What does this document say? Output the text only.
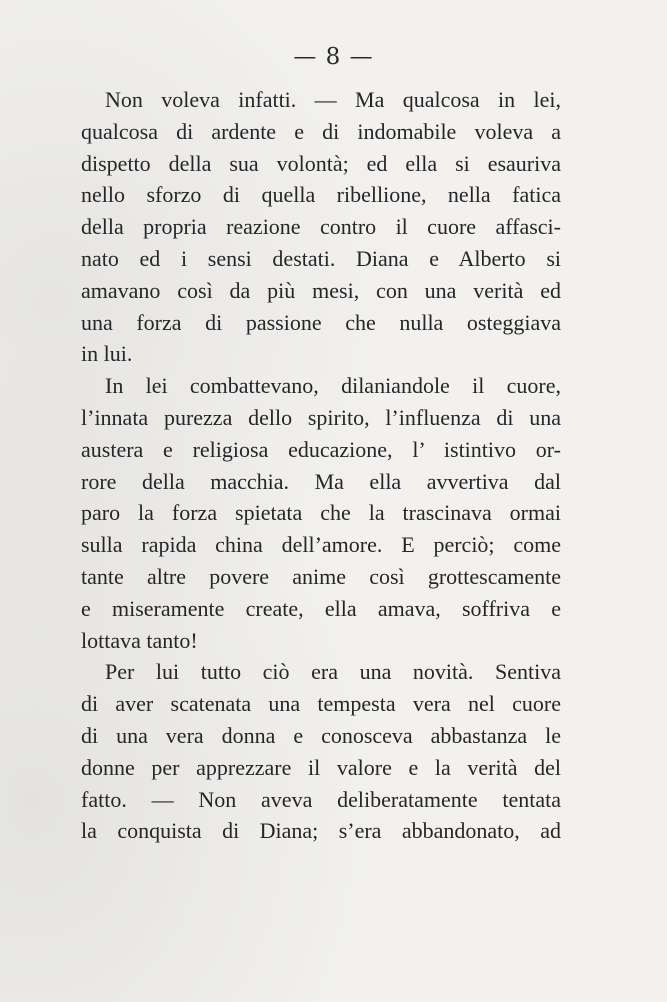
— 8 —
Non voleva infatti. — Ma qualcosa in lei,
qualcosa di ardente e di indomabile voleva a
dispetto della sua volontà; ed ella si esauriva
nello sforzo di quella ribellione, nella fatica
della propria reazione contro il cuore affasci-
nato ed i sensi destati. Diana e Alberto si
amavano così da più mesi, con una verità ed
una forza di passione che nulla osteggiava
in lui.
In lei combattevano, dilaniandole il cuore,
l’innata purezza dello spirito, l’influenza di una
austera e religiosa educazione, l’ istintivo or-
rore della macchia. Ma ella avvertiva dal
paro la forza spietata che la trascinava ormai
sulla rapida china dell’amore. E perciò; come
tante altre povere anime così grottescamente
e miseramente create, ella amava, soffriva e
lottava tanto!
Per lui tutto ciò era una novità. Sentiva
di aver scatenata una tempesta vera nel cuore
di una vera donna e conosceva abbastanza le
donne per apprezzare il valore e la verità del
fatto. — Non aveva deliberatamente tentata
la conquista di Diana; s’era abbandonato, ad
